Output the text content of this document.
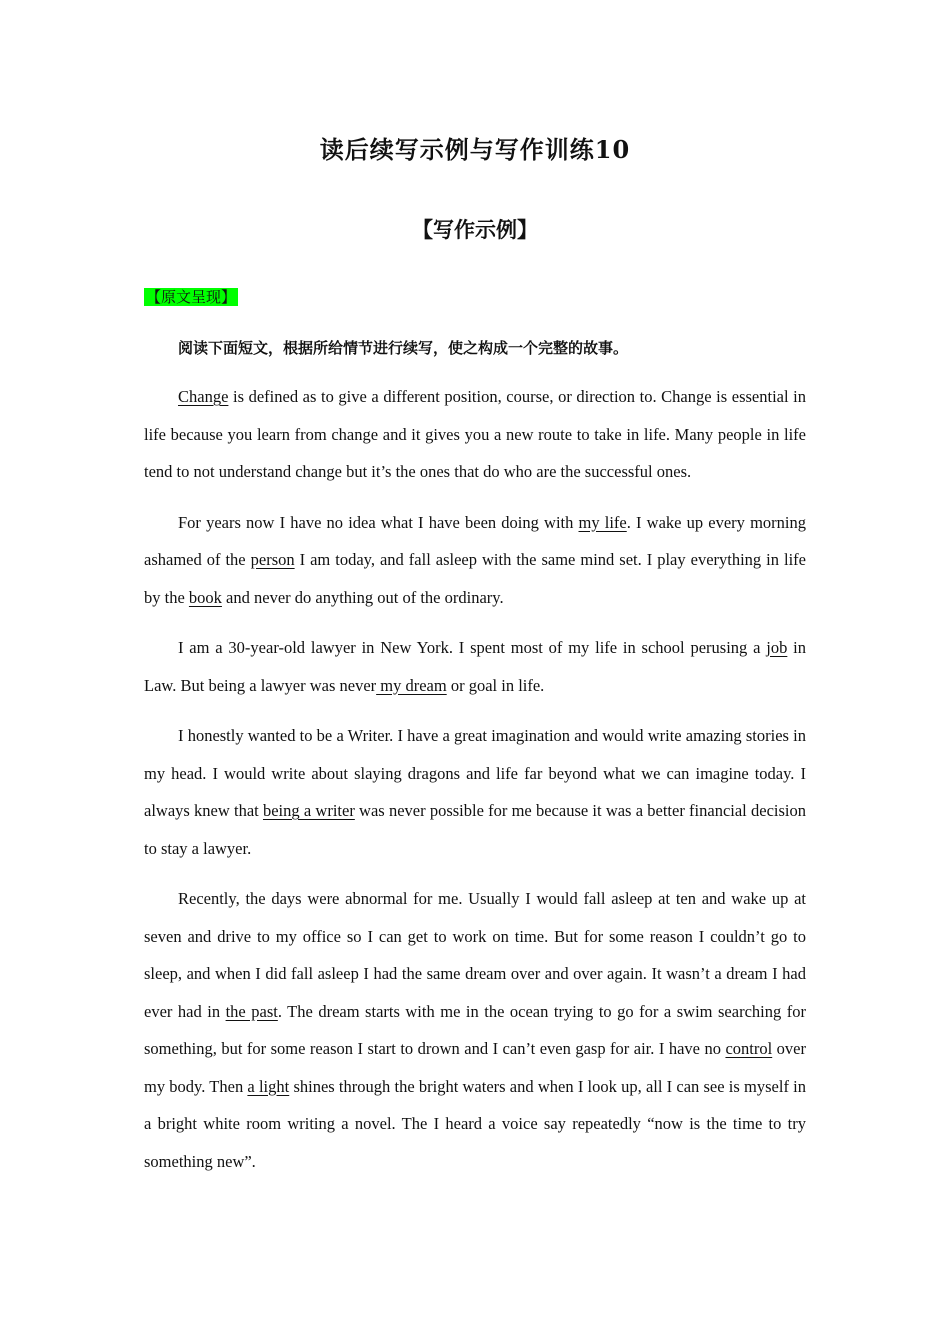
读后续写示例与写作训练10
【写作示例】
【原文呈现】

阅读下面短文，根据所给情节进行续写，使之构成一个完整的故事。

Change is defined as to give a different position, course, or direction to. Change is essential in life because you learn from change and it gives you a new route to take in life. Many people in life tend to not understand change but it’s the ones that do who are the successful ones.

For years now I have no idea what I have been doing with my life. I wake up every morning ashamed of the person I am today, and fall asleep with the same mind set. I play everything in life by the book and never do anything out of the ordinary.

I am a 30-year-old lawyer in New York. I spent most of my life in school perusing a job in Law. But being a lawyer was never my dream or goal in life.

I honestly wanted to be a Writer. I have a great imagination and would write amazing stories in my head. I would write about slaying dragons and life far beyond what we can imagine today. I always knew that being a writer was never possible for me because it was a better financial decision to stay a lawyer.

Recently, the days were abnormal for me. Usually I would fall asleep at ten and wake up at seven and drive to my office so I can get to work on time. But for some reason I couldn’t go to sleep, and when I did fall asleep I had the same dream over and over again. It wasn’t a dream I had ever had in the past. The dream starts with me in the ocean trying to go for a swim searching for something, but for some reason I start to drown and I can’t even gasp for air. I have no control over my body. Then a light shines through the bright waters and when I look up, all I can see is myself in a bright white room writing a novel. The I heard a voice say repeatedly “now is the time to try something new”.
